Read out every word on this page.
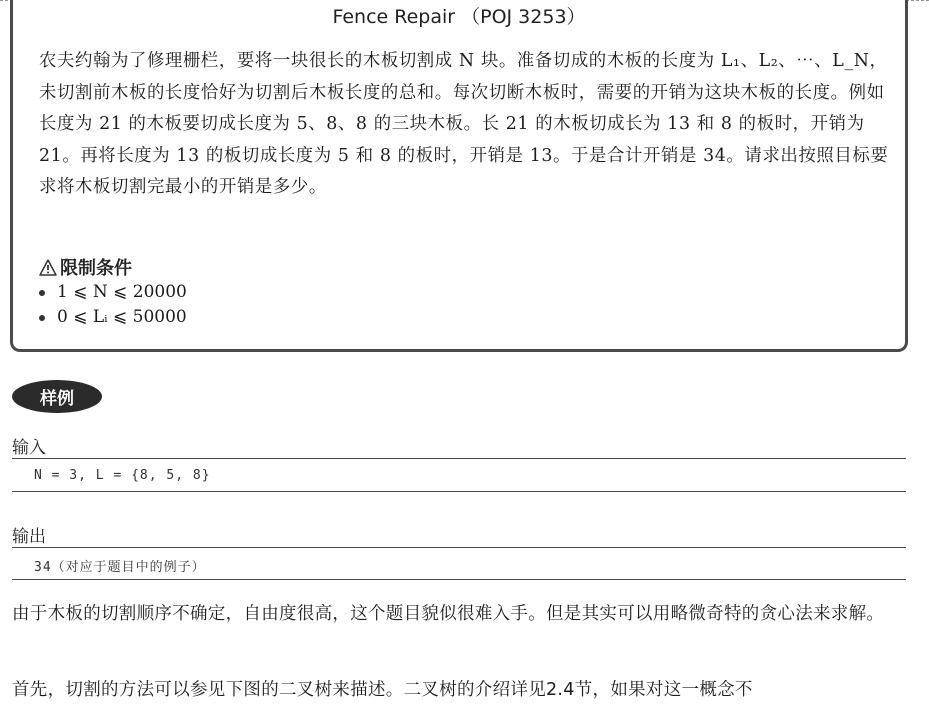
Fence Repair （POJ 3253）

农夫约翰为了修理栅栏，要将一块很长的木板切割成 N 块。准备切成的木板的长度为 L₁、L₂、⋯、L_N，未切割前木板的长度恰好为切割后木板长度的总和。每次切断木板时，需要的开销为这块木板的长度。例如长度为 21 的木板要切成长度为 5、8、8 的三块木板。长 21 的木板切成长为 13 和 8 的板时，开销为 21。再将长度为 13 的板切成长度为 5 和 8 的板时，开销是 13。于是合计开销是 34。请求出按照目标要求将木板切割完最小的开销是多少。

限制条件
1 ⩽ N ⩽ 20000
0 ⩽ Lᵢ ⩽ 50000
样例
输入
N = 3, L = {8, 5, 8}
输出
34（对应于题目中的例子）

由于木板的切割顺序不确定，自由度很高，这个题目貌似很难入手。但是其实可以用略微奇特的贪心法来求解。

首先，切割的方法可以参见下图的二叉树来描述。二叉树的介绍详见2.4节，如果对这一概念不
